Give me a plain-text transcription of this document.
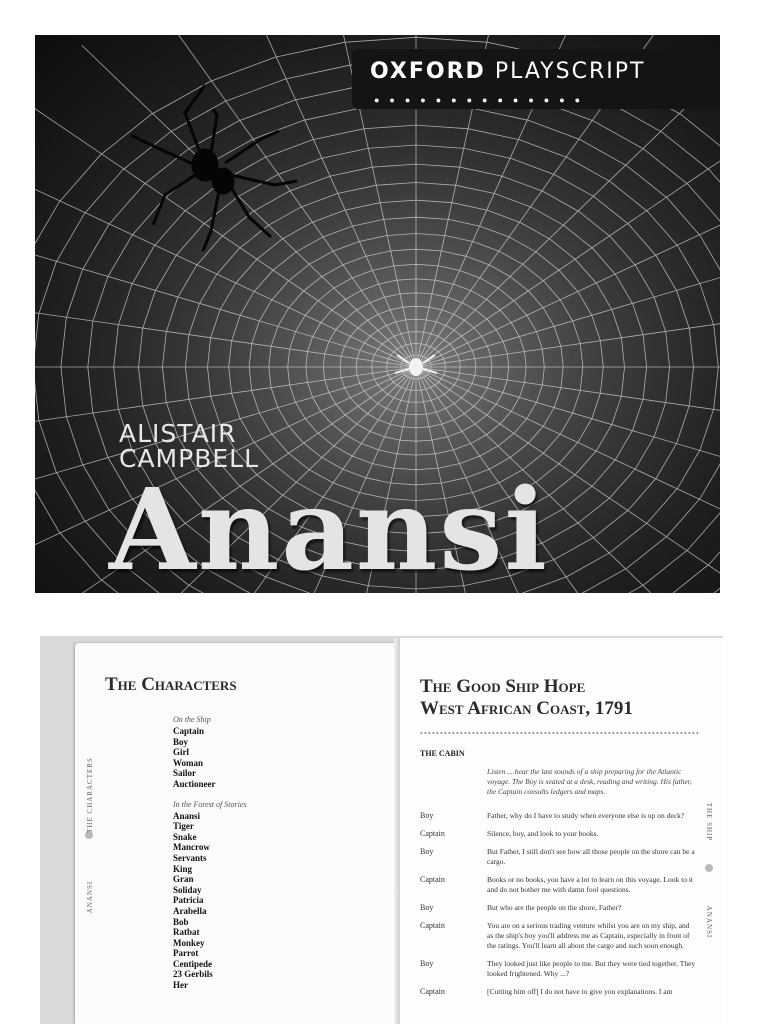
OXFORD PLAYSCRIPT
●●●●●●●●●●●●●●
ALISTAIR
CAMPBELL
Anansi
The Characters
ANANSI
THE CHARACTERS
On the Ship
Captain
Boy
Girl
Woman
Sailor
Auctioneer
In the Forest of Stories
Anansi
Tiger
Snake
Mancrow
Servants
King
Gran
Soliday
Patricia
Arabella
Bob
Ratbat
Monkey
Parrot
Centipede
23 Gerbils
Her
The Good Ship Hope
West African Coast, 1791
••••••••••••••••••••••••••••••••••••••••••••••••••••••••••••••••••••••
THE CABIN
Listen ... hear the last sounds of a ship preparing for the Atlantic voyage. The Boy is seated at a desk, reading and writing. His father, the Captain consults ledgers and maps.
Boy	Father, why do I have to study when everyone else is up on deck?
Captain	Silence, boy, and look to your books.
Boy	But Father, I still don't see how all those people on the shore can be a cargo.
Captain	Books or no books, you have a lot to learn on this voyage. Look to it and do not bother me with damn fool questions.
Boy	But who are the people on the shore, Father?
Captain	You are on a serious trading venture whilst you are on my ship, and as the ship's boy you'll address me as Captain, especially in front of the ratings. You'll learn all about the cargo and such soon enough.
Boy	They looked just like people to me. But they were tied together. They looked frightened. Why ...?
Captain	[Cutting him off] I do not have to give you explanations. I am
THE SHIP
ANANSI
